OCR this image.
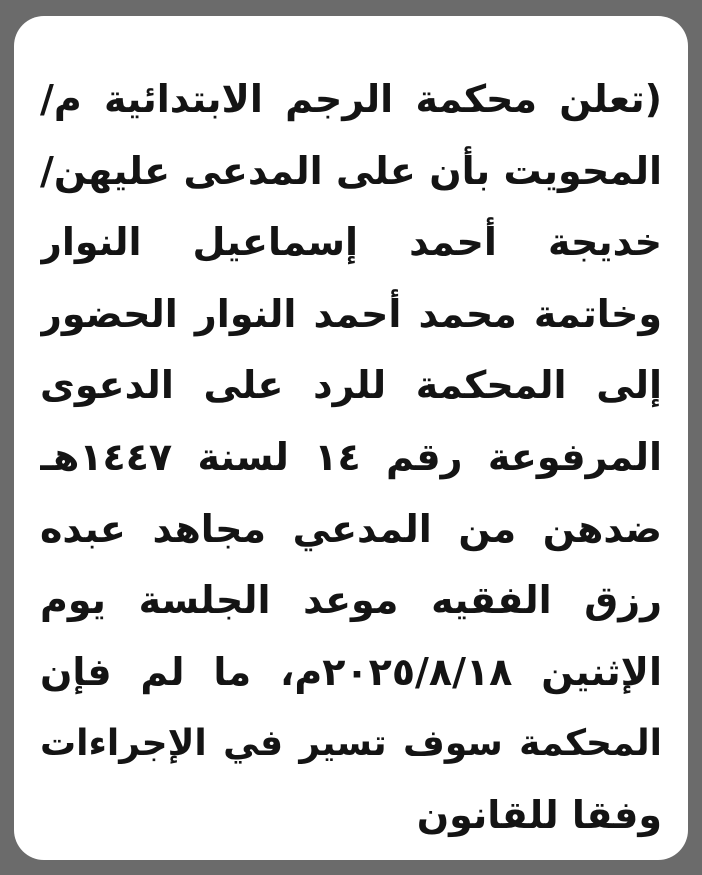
(تعلن محكمة الرجم الابتدائية م/
المحويت بأن على المدعى عليهن/
خديجة أحمد إسماعيل النوار
وخاتمة محمد أحمد النوار الحضور
إلى المحكمة للرد على الدعوى
المرفوعة رقم ١٤ لسنة ١٤٤٧هـ
ضدهن من المدعي مجاهد عبده
رزق الفقيه موعد الجلسة يوم
الإثنين ٢٠٢٥/٨/١٨م، ما لم فإن
المحكمة سوف تسير في الإجراءات
وفقا للقانون
